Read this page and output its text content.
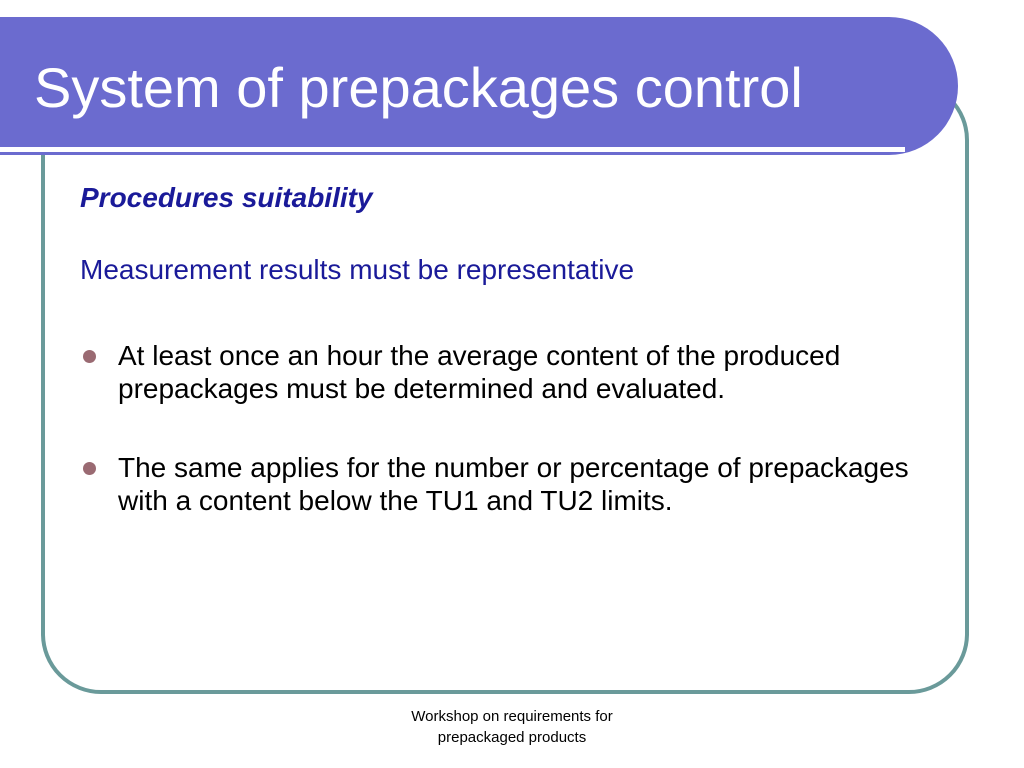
System of prepackages control
Procedures suitability

Measurement results must be representative

At least once an hour the average content of the produced prepackages must be determined and evaluated.
The same applies for the number or percentage of prepackages with a content below the TU1 and TU2 limits.
Workshop on requirements for
prepackaged products
